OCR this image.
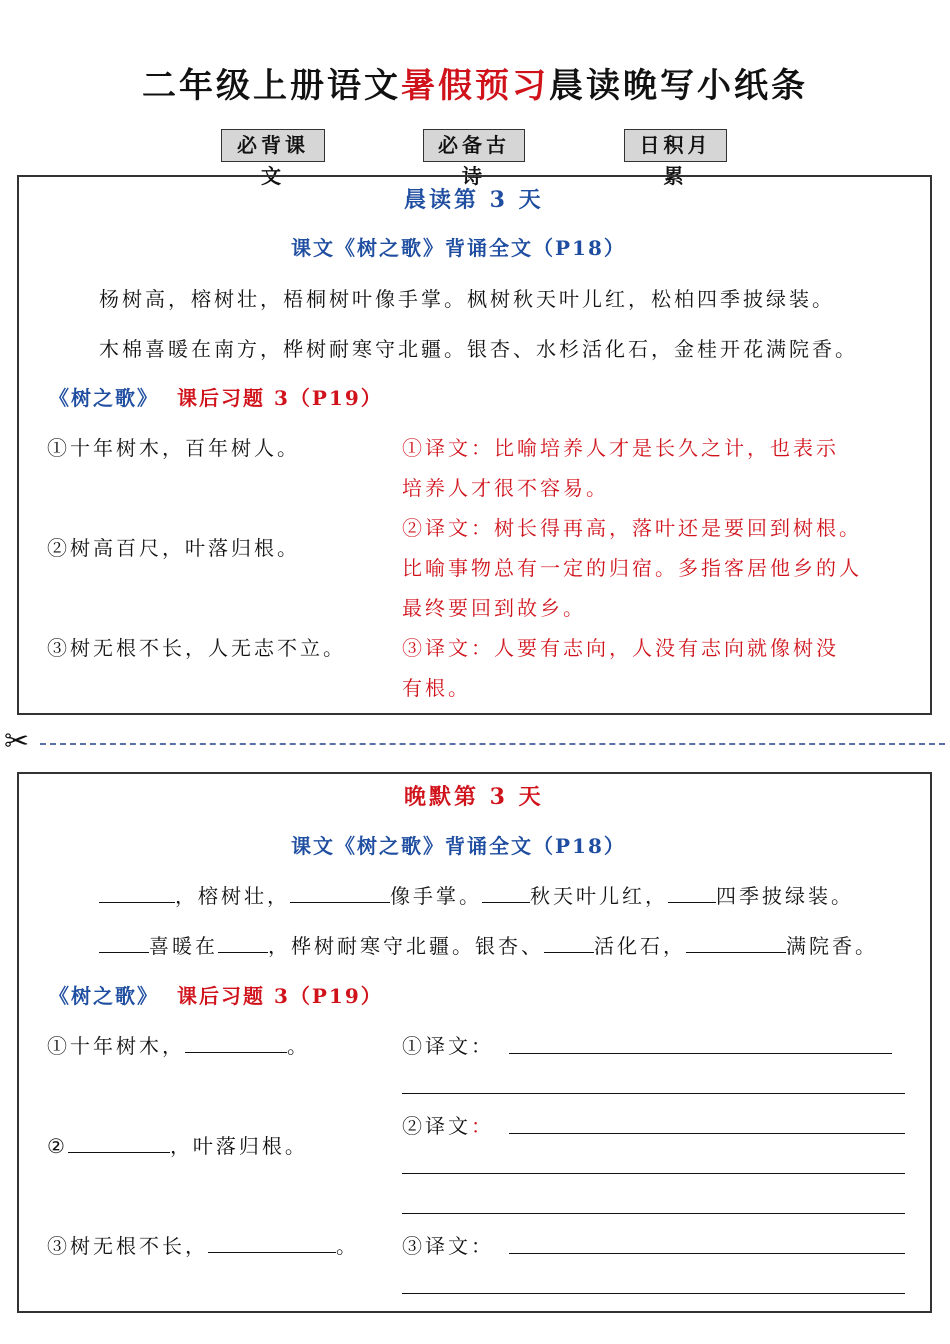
二年级上册语文暑假预习晨读晚写小纸条
必背课文
必备古诗
日积月累
晨读第 3 天
课文《树之歌》背诵全文（P18）
杨树高，榕树壮，梧桐树叶像手掌。枫树秋天叶儿红，松柏四季披绿装。
木棉喜暖在南方，桦树耐寒守北疆。银杏、水杉活化石，金桂开花满院香。
《树之歌》 课后习题 3（P19）
①十年树木，百年树人。	①译文：比喻培养人才是长久之计，也表示
培养人才很不容易。
②树高百尺，叶落归根。
②译文：树长得再高，落叶还是要回到树根。
比喻事物总有一定的归宿。多指客居他乡的人
最终要回到故乡。
③树无根不长，人无志不立。	③译文：人要有志向，人没有志向就像树没
有根。
✂
晚默第 3 天
课文《树之歌》背诵全文（P18）
，榕树壮，	像手掌。 秋天叶儿红， 四季披绿装。
喜暖在	，桦树耐寒守北疆。银杏、	活化石，	满院香。
《树之歌》 课后习题 3（P19）
①十年树木，	。	①译文：
②	，叶落归根。
②译文：
③树无根不长，	。 ③译文：
